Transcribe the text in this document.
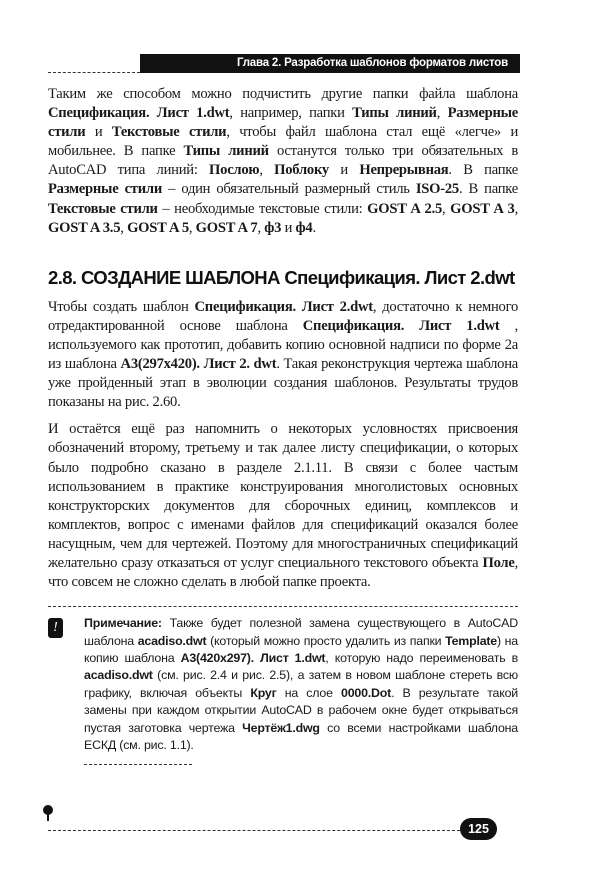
Глава 2. Разработка шаблонов форматов листов

Таким же способом можно подчистить другие папки файла шаблона Спецификация. Лист 1.dwt, например, папки Типы линий, Размерные стили и Текстовые стили, чтобы файл шаблона стал ещё «легче» и мобильнее. В папке Типы линий останутся только три обязательных в AutoCAD типа линий: Послою, Поблоку и Непрерывная. В папке Размерные стили – один обязательный размерный стиль ISO-25. В папке Текстовые стили – необходимые текстовые стили: GOST A 2.5, GOST A 3, GOST A 3.5, GOST A 5, GOST A 7, ф3 и ф4.

2.8. СОЗДАНИЕ ШАБЛОНА Спецификация. Лист 2.dwt

Чтобы создать шаблон Спецификация. Лист 2.dwt, достаточно к немного отредактированной основе шаблона Спецификация. Лист 1.dwt , используемого как прототип, добавить копию основной надписи по форме 2а из шаблона А3(297x420). Лист 2. dwt. Такая реконструкция чертежа шаблона уже пройденный этап в эволюции создания шаблонов. Результаты трудов показаны на рис. 2.60.

И остаётся ещё раз напомнить о некоторых условностях присвоения обозначений второму, третьему и так далее листу спецификации, о которых было подробно сказано в разделе 2.1.11. В связи с более частым использованием в практике конструирования многолистовых основных конструкторских документов для сборочных единиц, комплексов и комплектов, вопрос с именами файлов для спецификаций оказался более насущным, чем для чертежей. Поэтому для многостраничных спецификаций желательно сразу отказаться от услуг специального текстового объекта Поле, что совсем не сложно сделать в любой папке проекта.

!	Примечание: Также будет полезной замена существующего в AutoCAD шаблона acadiso.dwt (который можно просто удалить из папки Template) на копию шаблона А3(420x297). Лист 1.dwt, которую надо переименовать в acadiso.dwt (см. рис. 2.4 и рис. 2.5), а затем в новом шаблоне стереть всю графику, включая объекты Круг на слое 0000.Dot. В результате такой замены при каждом открытии AutoCAD в рабочем окне будет открываться пустая заготовка чертежа Чертёж1.dwg со всеми настройками шаблона ЕСКД (см. рис. 1.1).

125
